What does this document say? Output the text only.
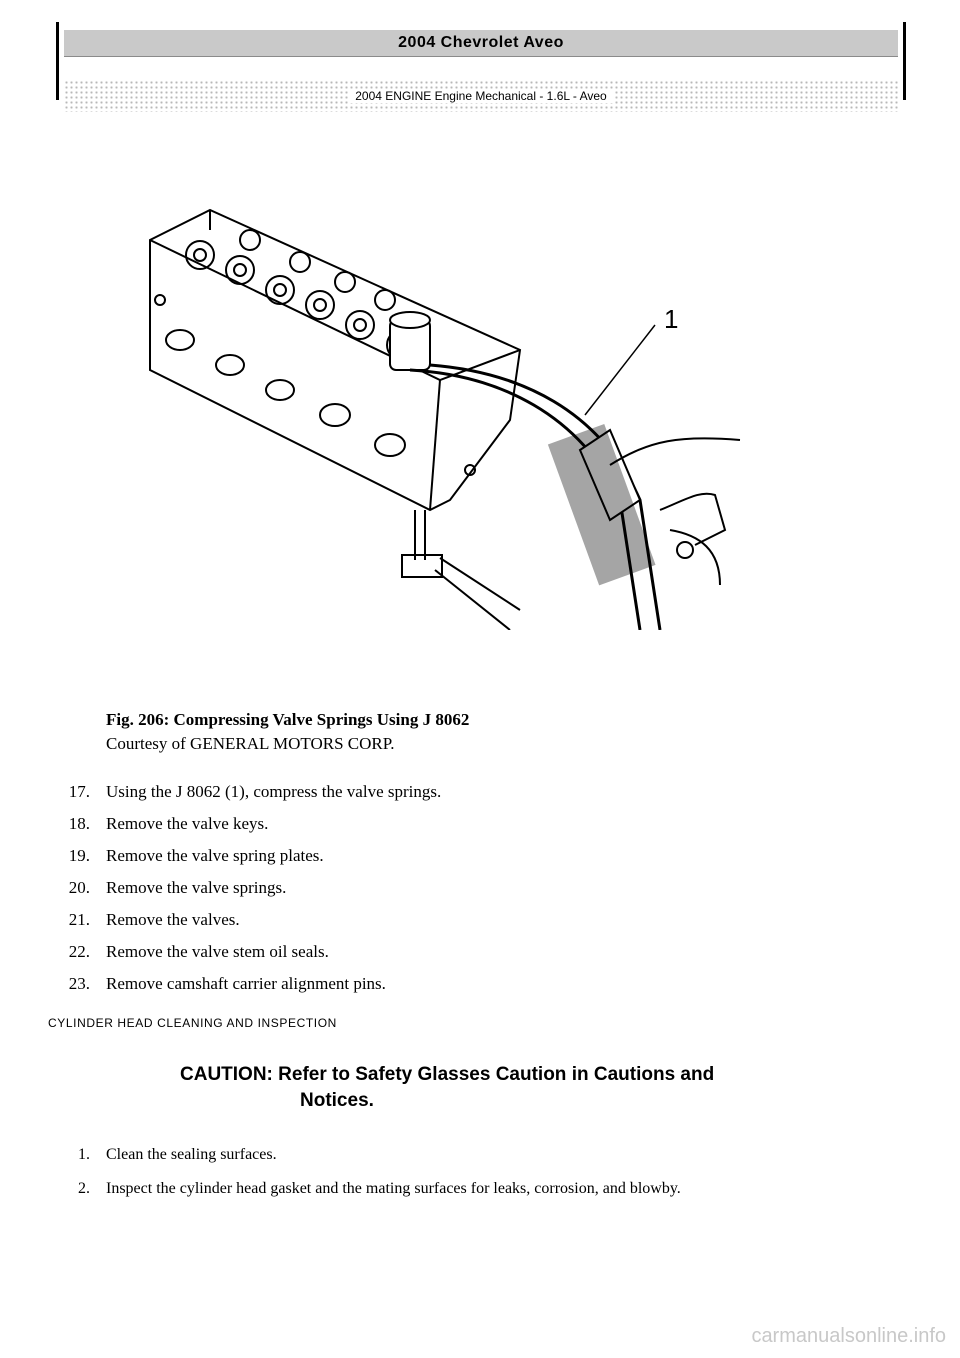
2004 Chevrolet Aveo
2004 ENGINE Engine Mechanical - 1.6L - Aveo
1
Fig. 206: Compressing Valve Springs Using J 8062
Courtesy of GENERAL MOTORS CORP.
17. Using the J 8062 (1), compress the valve springs.
18. Remove the valve keys.
19. Remove the valve spring plates.
20. Remove the valve springs.
21. Remove the valves.
22. Remove the valve stem oil seals.
23. Remove camshaft carrier alignment pins.
CYLINDER HEAD CLEANING AND INSPECTION
CAUTION: Refer to Safety Glasses Caution in Cautions and
Notices.
1.	Clean the sealing surfaces.
2.	Inspect the cylinder head gasket and the mating surfaces for leaks, corrosion, and blowby.
carmanualsonline.info
